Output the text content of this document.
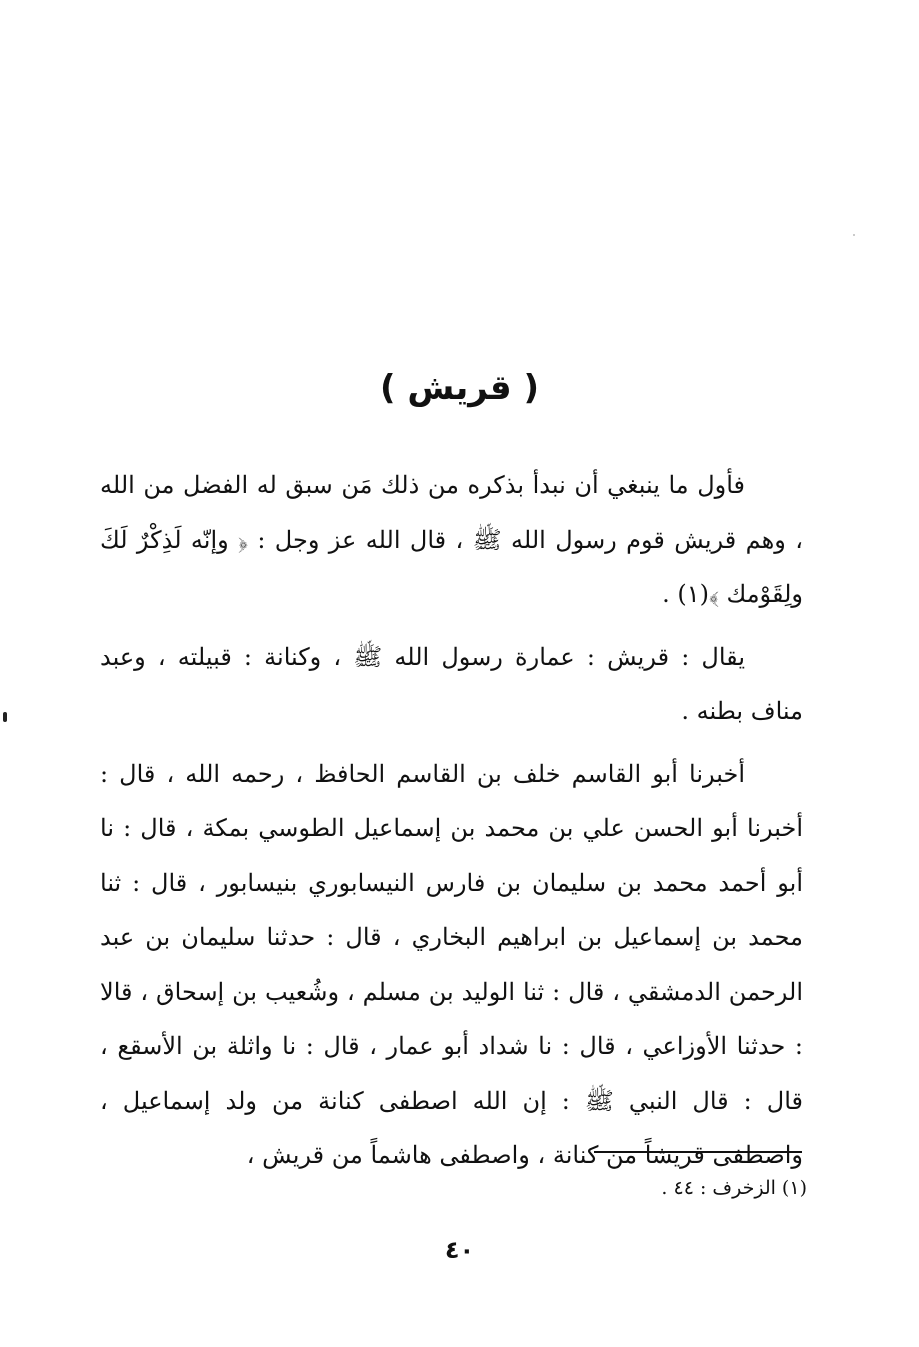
( قريش )

فأول ما ينبغي أن نبدأ بذكره من ذلك مَن سبق له الفضل من الله ، وهم قريش قوم رسول الله ﷺ ، قال الله عز وجل : ﴿ وإنّه لَذِكْرٌ لَكَ ولِقَوْمك ﴾(١) .

يقال : قريش : عمارة رسول الله ﷺ ، وكنانة : قبيلته ، وعبد مناف بطنه .

أخبرنا أبو القاسم خلف بن القاسم الحافظ ، رحمه الله ، قال : أخبرنا أبو الحسن علي بن محمد بن إسماعيل الطوسي بمكة ، قال : نا أبو أحمد محمد بن سليمان بن فارس النيسابوري بنيسابور ، قال : ثنا محمد بن إسماعيل بن ابراهيم البخاري ، قال : حدثنا سليمان بن عبد الرحمن الدمشقي ، قال : ثنا الوليد بن مسلم ، وشُعيب بن إسحاق ، قالا : حدثنا الأوزاعي ، قال : نا شداد أبو عمار ، قال : نا واثلة بن الأسقع ، قال : قال النبي ﷺ : إن الله اصطفى كنانة من ولد إسماعيل ، واصطفى قريشاً من كنانة ، واصطفى هاشماً من قريش ،

(١) الزخرف : ٤٤ .
٤٠
